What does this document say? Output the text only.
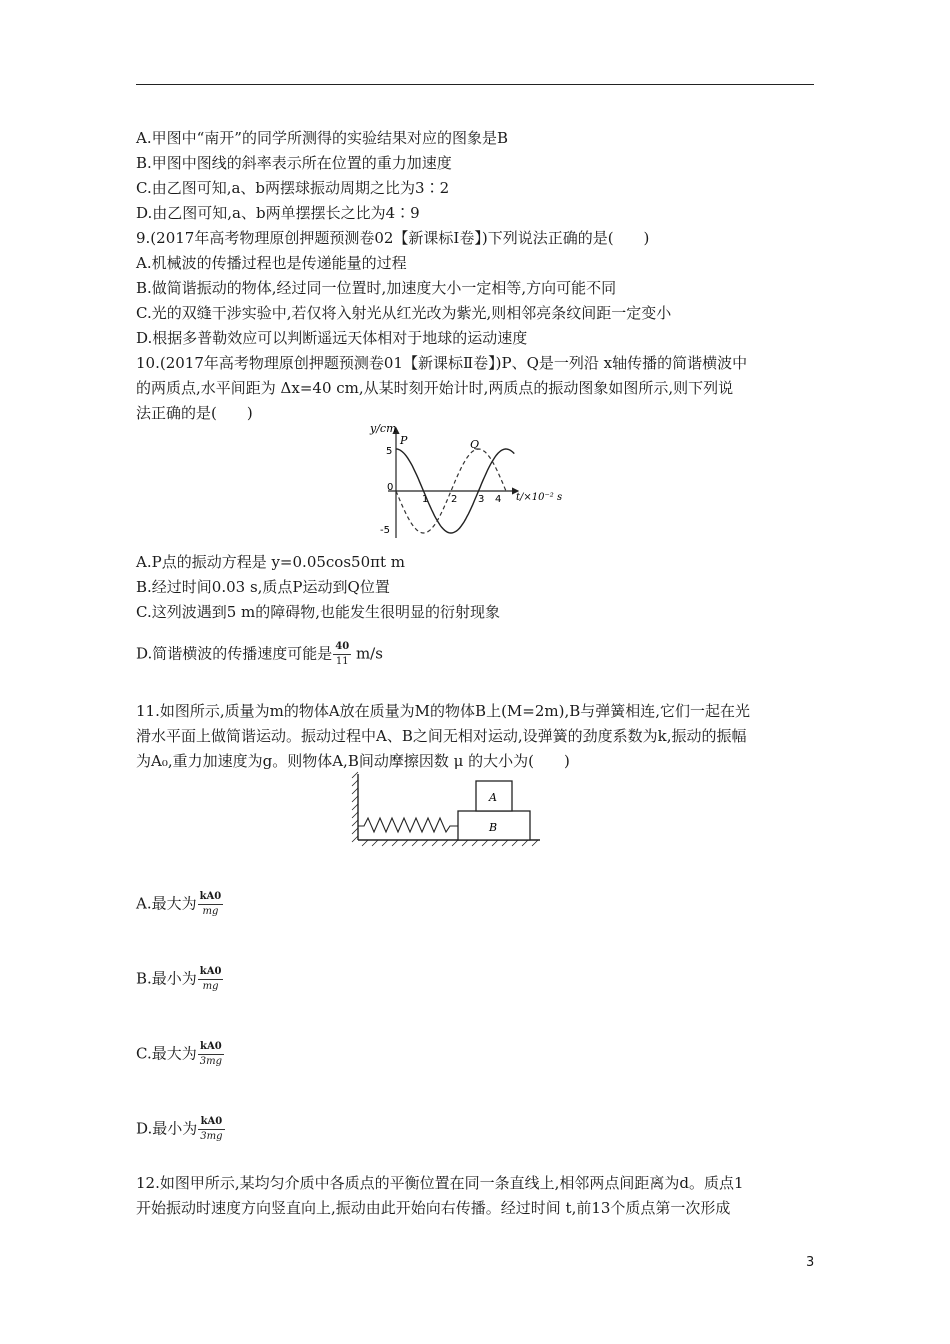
A.甲图中“南开”的同学所测得的实验结果对应的图象是B
B.甲图中图线的斜率表示所在位置的重力加速度
C.由乙图可知,a、b两摆球振动周期之比为3∶2
D.由乙图可知,a、b两单摆摆长之比为4∶9
9.(2017年高考物理原创押题预测卷02【新课标Ⅰ卷】)下列说法正确的是(　　)
A.机械波的传播过程也是传递能量的过程
B.做简谐振动的物体,经过同一位置时,加速度大小一定相等,方向可能不同
C.光的双缝干涉实验中,若仅将入射光从红光改为紫光,则相邻亮条纹间距一定变小
D.根据多普勒效应可以判断遥远天体相对于地球的运动速度
10.(2017年高考物理原创押题预测卷01【新课标Ⅱ卷】)P、Q是一列沿 x轴传播的简谐横波中
的两质点,水平间距为 Δx=40 cm,从某时刻开始计时,两质点的振动图象如图所示,则下列说
法正确的是(　　)
y/cm
t/×10⁻² s
5
-5
0
1 2 3 4
P	Q
A.P点的振动方程是 y=0.05cos50πt m
B.经过时间0.03 s,质点P运动到Q位置
C.这列波遇到5 m的障碍物,也能发生很明显的衍射现象
D.简谐横波的传播速度可能是 $\frac{40}{11} m/s$
11.如图所示,质量为m的物体A放在质量为M的物体B上(M=2m),B与弹簧相连,它们一起在光
滑水平面上做简谐运动。振动过程中A、B之间无相对运动,设弹簧的劲度系数为k,振动的振幅
为A₀,重力加速度为g。则物体A,B间动摩擦因数 μ 的大小为(　　)
A
B
A.最大为 $\frac{kA0}{mg}$
B.最小为 $\frac{kA0}{mg}$
C.最大为 $\frac{kA0}{3mg}$
D.最小为 $\frac{kA0}{3mg}$
12.如图甲所示,某均匀介质中各质点的平衡位置在同一条直线上,相邻两点间距离为d。质点1
开始振动时速度方向竖直向上,振动由此开始向右传播。经过时间 t,前13个质点第一次形成
3
